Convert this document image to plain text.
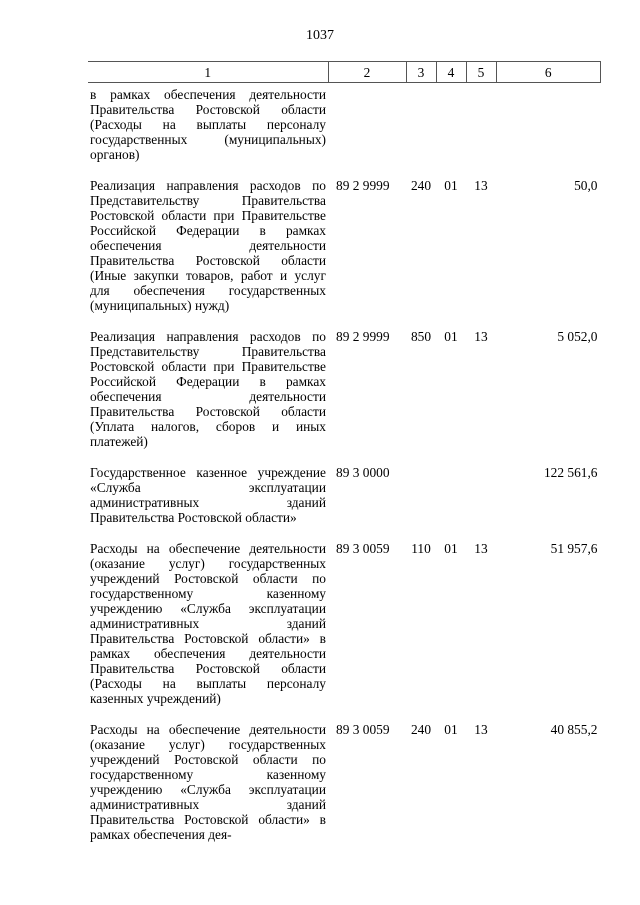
1037
1	2	3	4	5	6
в рамках обеспечения деятельности Правительства Ростовской области (Расходы на выплаты персоналу государственных (муниципальных) органов)					
Реализация направления расходов по Представительству Правительства Ростовской области при Правительстве Российской Федерации в рамках обеспечения деятельности Правительства Ростовской области (Иные закупки товаров, работ и услуг для обеспечения государственных (муниципальных) нужд)	89 2 9999	240	01	13	50,0
Реализация направления расходов по Представительству Правительства Ростовской области при Правительстве Российской Федерации в рамках обеспечения деятельности Правительства Ростовской области (Уплата налогов, сборов и иных платежей)	89 2 9999	850	01	13	5 052,0
Государственное казенное учреждение «Служба эксплуатации административных зданий Правительства Ростовской области»	89 3 0000				122 561,6
Расходы на обеспечение деятельности (оказание услуг) государственных учреждений Ростовской области по государственному казенному учреждению «Служба эксплуатации административных зданий Правительства Ростовской области» в рамках обеспечения деятельности Правительства Ростовской области (Расходы на выплаты персоналу казенных учреждений)	89 3 0059	110	01	13	51 957,6
Расходы на обеспечение деятельности (оказание услуг) государственных учреждений Ростовской области по государственному казенному учреждению «Служба эксплуатации административных зданий Правительства Ростовской области» в рамках обеспечения дея-	89 3 0059	240	01	13	40 855,2
